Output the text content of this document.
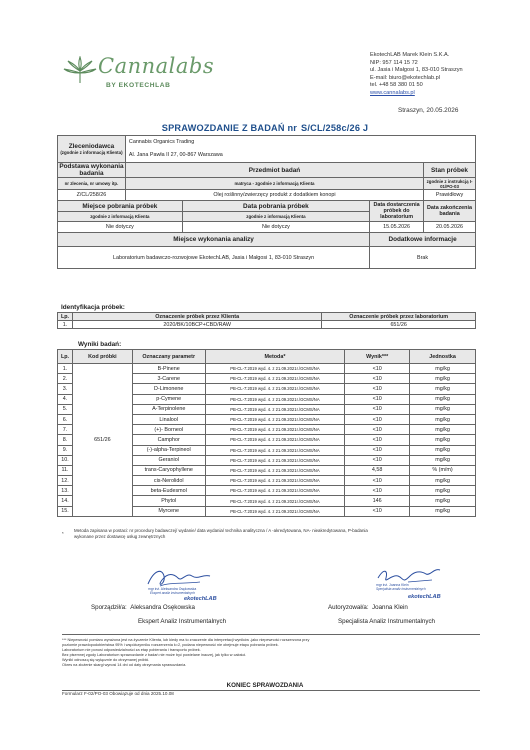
Cannalabs
BY EKOTECHLAB
EkotechLAB Marek Klein S.K.A.
NIP: 957 114 15 72
ul. Jasia i Małgosi 1, 83-010 Straszyn
E-mail: biuro@ekotechlab.pl
tel. +48 58 380 01 50
www.cannalabs.pl
Straszyn, 20.05.2026
SPRAWOZDANIE Z BADAŃ nr S/CL/258c/26 J
Zleceniodawca
(zgodnie z informacją Klienta)	Cannabis Organics Trading			
	Al. Jana Pawła II 27, 00-867 Warszawa			

Podstawa wykonania badania	Przedmiot badań			Stan próbek

nr zlecenia, nr umowy itp.	matryca - zgodnie z informacją Klienta			zgodnie z instrukcją I-01/PO-03

Z/CL/258/26	Olej roślinny/zwierzęcy produkt z dodatkiem konopi			Prawidłowy

Miejsce pobrania próbek		Data pobrania próbek	Data dostarczenia próbek do laboratorium	Data zakończenia badania

zgodnie z informacją Klienta		zgodnie z informacją Klienta		

Nie dotyczy		Nie dotyczy	15.05.2026	20.05.2026

Miejsce wykonania analizy			Dodatkowe informacje	

Laboratorium badawczo-rozwojowe EkotechLAB, Jasia i Małgosi 1, 83-010 Straszyn			Brak	
Identyfikacja próbek:
Lp.	Oznaczenie próbek przez Klienta	Oznaczenie próbek przez laboratorium
1.	2020/BK/10BCP+CBD/RAW	651/26
Wyniki badań:
Lp.	Kod próbki	Oznaczany parametr	Metoda*	Wynik***	Jednostka
1.	651/26	B-Pinene	PB-CL-7:2019 wyd. 4. z 21.09.2021r./GCMS/NA	<10	mg/kg
2.		3-Carene	PB-CL-7:2019 wyd. 4. z 21.09.2021r./GCMS/NA	<10	mg/kg
3.		D-Limonene	PB-CL-7:2019 wyd. 4. z 21.09.2021r./GCMS/NA	<10	mg/kg
4.		p-Cymene	PB-CL-7:2019 wyd. 4. z 21.09.2021r./GCMS/NA	<10	mg/kg
5.		A-Terpinolene	PB-CL-7:2019 wyd. 4. z 21.09.2021r./GCMS/NA	<10	mg/kg
6.		Linalool	PB-CL-7:2019 wyd. 4. z 21.09.2021r./GCMS/NA	<10	mg/kg
7.		(+)- Borneol	PB-CL-7:2019 wyd. 4. z 21.09.2021r./GCMS/NA	<10	mg/kg
8.		Camphor	PB-CL-7:2019 wyd. 4. z 21.09.2021r./GCMS/NA	<10	mg/kg
9.		(-)-alpha-Terpineol	PB-CL-7:2019 wyd. 4. z 21.09.2021r./GCMS/NA	<10	mg/kg
10.		Geraniol	PB-CL-7:2019 wyd. 4. z 21.09.2021r./GCMS/NA	<10	mg/kg
11.		trans-Caryophyllene	PB-CL-7:2019 wyd. 4. z 21.09.2021r./GCMS/NA	4,58	% (m/m)
12.		cis-Nerolidol	PB-CL-7:2019 wyd. 4. z 21.09.2021r./GCMS/NA	<10	mg/kg
13.		beta-Eudesmol	PB-CL-7:2019 wyd. 4. z 21.09.2021r./GCMS/NA	<10	mg/kg
14.		Phytol	PB-CL-7:2019 wyd. 4. z 21.09.2021r./GCMS/NA	146	mg/kg
15.		Myrcene	PB-CL-7:2019 wyd. 4. z 21.09.2021r./GCMS/NA	<10	mg/kg
*
Metoda zapisana w postaci: nr procedury badawczej/ wydanie/ data wydania/ technika analityczna / A -akredytowana, NA- nieakredytowana, P-badania
wykonane przez dostawcę usług zewnętrznych
mgr inż. Aleksandra Osękowska
Ekspert analiz instrumentalnych
ekotechLAB
mgr inż. Joanna Klein
Specjalista analiz instrumentalnych
ekotechLAB
Sporządził/a: Aleksandra Osękowska
Ekspert Analiz Instrumentalnych
Autoryzował/a: Joanna Klein
Specjalista Analiz Instrumentalnych
*** Niepewność pomiaru wyrażona jest na życzenie Klienta, lub kiedy ma to znaczenie dla interpretacji wyników -jako niepewność rozszerzona przy
poziomie prawdopodobieństwa 95% i współczynniku rozszerzenia k=2, podana niepewność nie obejmuje etapu pobrania próbek.
Laboratorium nie ponosi odpowiedzialności za etap pobierania i transportu próbek.
Bez pisemnej zgody Laboratorium sprawozdanie z badań nie może być powielane inaczej, jak tylko w całości.
Wyniki odnoszą się wyłącznie do otrzymanej próbki.
Okres na złożenie skargi wynosi 14 dni od daty otrzymania sprawozdania.
KONIEC SPRAWOZDANIA
Formularz F-02/PO-03 Obowiązuje od dnia 2025.10.08
